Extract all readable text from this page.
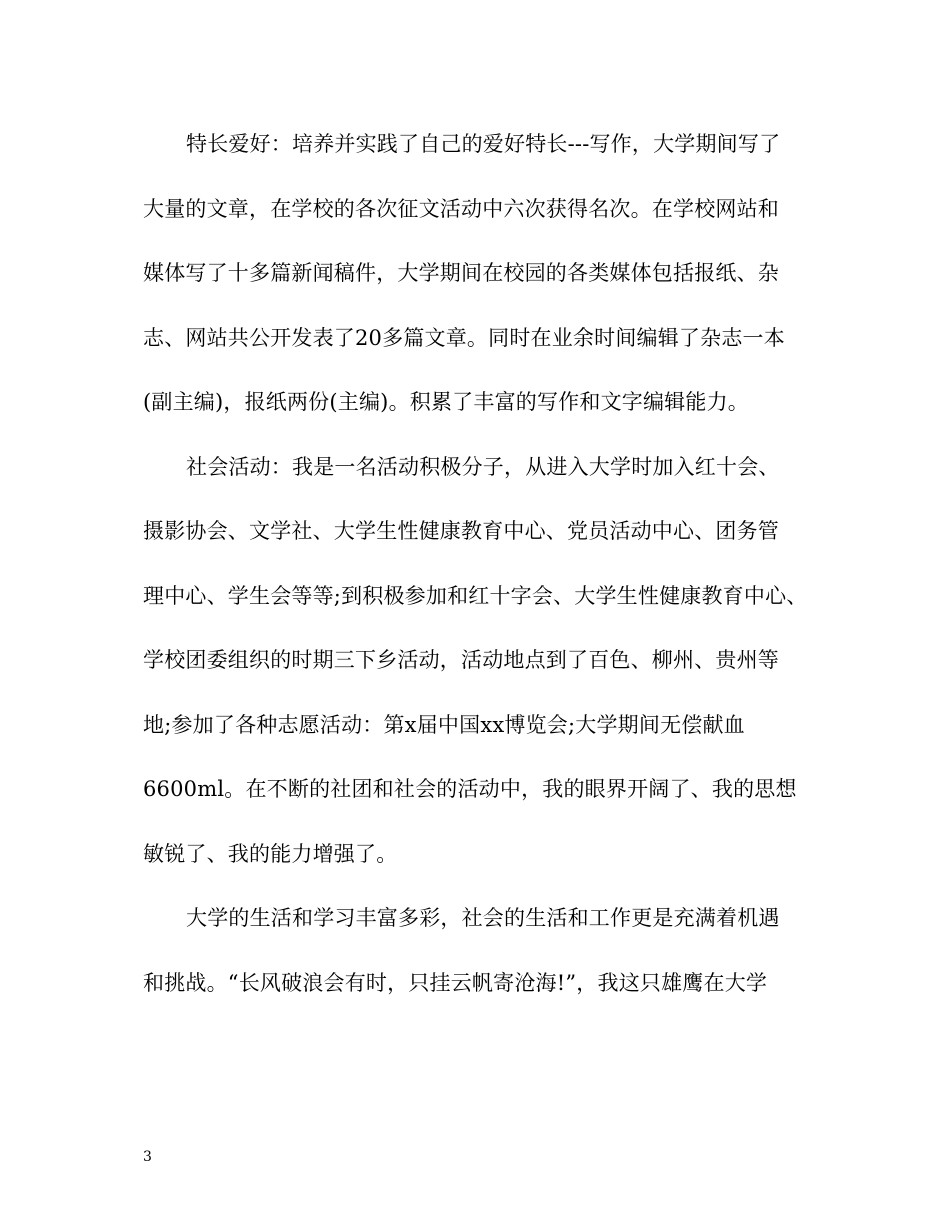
特长爱好：培养并实践了自己的爱好特长---写作，大学期间写了
大量的文章，在学校的各次征文活动中六次获得名次。在学校网站和
媒体写了十多篇新闻稿件，大学期间在校园的各类媒体包括报纸、杂
志、网站共公开发表了20多篇文章。同时在业余时间编辑了杂志一本
(副主编)，报纸两份(主编)。积累了丰富的写作和文字编辑能力。
社会活动：我是一名活动积极分子，从进入大学时加入红十会、
摄影协会、文学社、大学生性健康教育中心、党员活动中心、团务管
理中心、学生会等等;到积极参加和红十字会、大学生性健康教育中心、
学校团委组织的时期三下乡活动，活动地点到了百色、柳州、贵州等
地;参加了各种志愿活动：第x届中国xx博览会;大学期间无偿献血
6600ml。在不断的社团和社会的活动中，我的眼界开阔了、我的思想
敏锐了、我的能力增强了。
大学的生活和学习丰富多彩，社会的生活和工作更是充满着机遇
和挑战。“长风破浪会有时，只挂云帆寄沧海!”，我这只雄鹰在大学
3
